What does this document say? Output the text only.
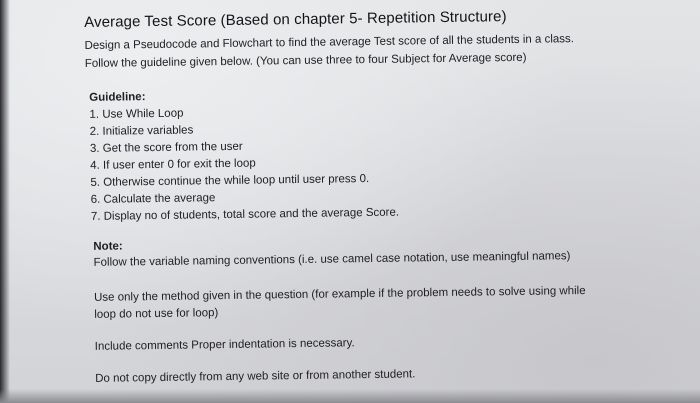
Average Test Score (Based on chapter 5- Repetition Structure)
Design a Pseudocode and Flowchart to find the average Test score of all the students in a class.
Follow the guideline given below. (You can use three to four Subject for Average score)
Guideline:
1. Use While Loop
2. Initialize variables
3. Get the score from the user
4. If user enter 0 for exit the loop
5. Otherwise continue the while loop until user press 0.
6. Calculate the average
7. Display no of students, total score and the average Score.
Note:
Follow the variable naming conventions (i.e. use camel case notation, use meaningful names)
Use only the method given in the question (for example if the problem needs to solve using while
loop do not use for loop)
Include comments Proper indentation is necessary.
Do not copy directly from any web site or from another student.
